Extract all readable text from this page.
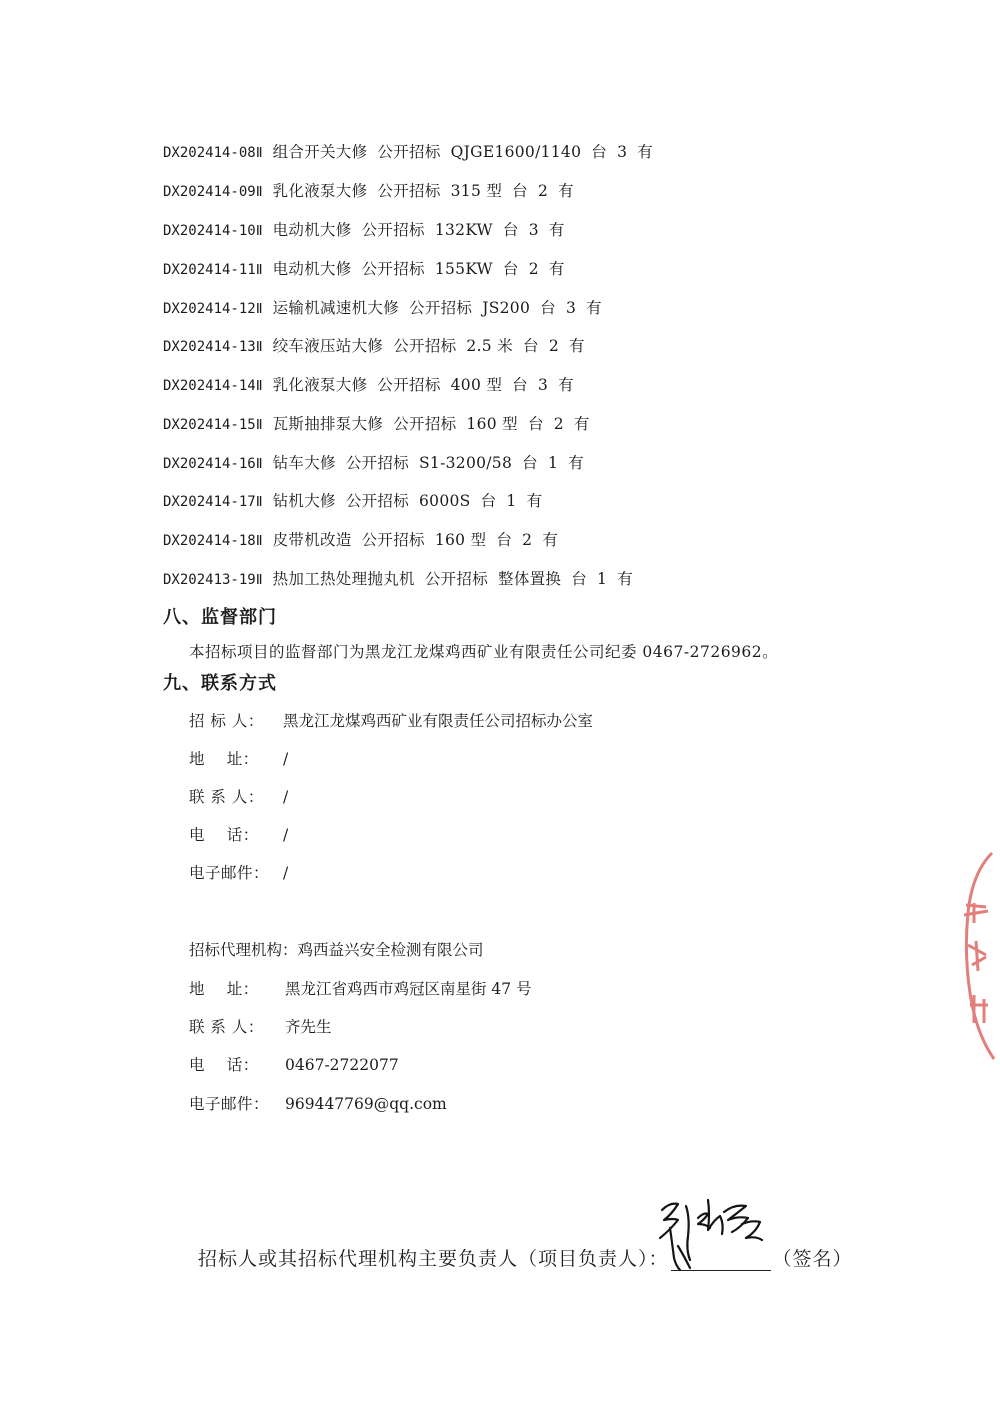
DX202414-08Ⅱ 组合开关大修 公开招标 QJGE1600/1140 台 3 有
DX202414-09Ⅱ 乳化液泵大修 公开招标 315 型 台 2 有
DX202414-10Ⅱ 电动机大修 公开招标 132KW 台 3 有
DX202414-11Ⅱ 电动机大修 公开招标 155KW 台 2 有
DX202414-12Ⅱ 运输机减速机大修 公开招标 JS200 台 3 有
DX202414-13Ⅱ 绞车液压站大修 公开招标 2.5 米 台 2 有
DX202414-14Ⅱ 乳化液泵大修 公开招标 400 型 台 3 有
DX202414-15Ⅱ 瓦斯抽排泵大修 公开招标 160 型 台 2 有
DX202414-16Ⅱ 钻车大修 公开招标 S1-3200/58 台 1 有
DX202414-17Ⅱ 钻机大修 公开招标 6000S 台 1 有
DX202414-18Ⅱ 皮带机改造 公开招标 160 型 台 2 有
DX202413-19Ⅱ 热加工热处理抛丸机 公开招标 整体置换 台 1 有
八、监督部门
本招标项目的监督部门为黑龙江龙煤鸡西矿业有限责任公司纪委 0467-2726962。
九、联系方式
招 标 人： 黑龙江龙煤鸡西矿业有限责任公司招标办公室
地    址： /
联 系 人： /
电    话： /
电子邮件： /
招标代理机构：鸡西益兴安全检测有限公司
地    址： 黑龙江省鸡西市鸡冠区南星街 47 号
联 系 人： 齐先生
电    话： 0467-2722077
电子邮件： 969447769@qq.com
招标人或其招标代理机构主要负责人（项目负责人）：	（签名）
